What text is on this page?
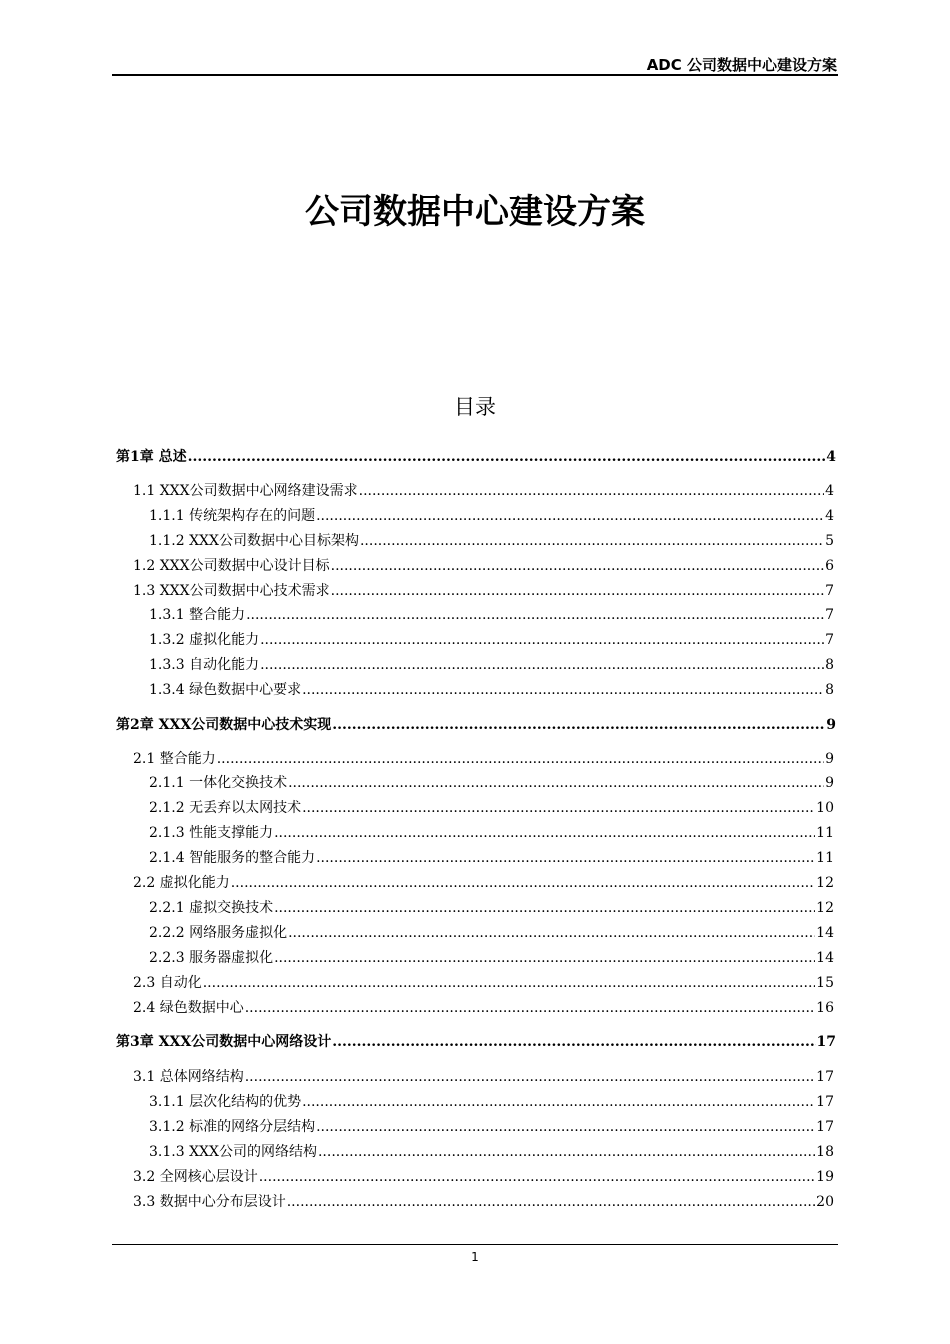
ADC 公司数据中心建设方案
公司数据中心建设方案
目录
第1章 总述 .....	4
1.1 XXX公司数据中心网络建设需求 .....	4
1.1.1 传统架构存在的问题 .....	4
1.1.2 XXX公司数据中心目标架构 .....	5
1.2 XXX公司数据中心设计目标 .....	6
1.3 XXX公司数据中心技术需求 .....	7
1.3.1 整合能力 .....	7
1.3.2 虚拟化能力 .....	7
1.3.3 自动化能力 .....	8
1.3.4 绿色数据中心要求 .....	8
第2章 XXX公司数据中心技术实现 .....	9
2.1 整合能力 .....	9
2.1.1 一体化交换技术 .....	9
2.1.2 无丢弃以太网技术 .....	10
2.1.3 性能支撑能力 .....	11
2.1.4 智能服务的整合能力 .....	11
2.2 虚拟化能力 .....	12
2.2.1 虚拟交换技术 .....	12
2.2.2 网络服务虚拟化 .....	14
2.2.3 服务器虚拟化 .....	14
2.3 自动化 .....	15
2.4 绿色数据中心 .....	16
第3章 XXX公司数据中心网络设计 .....	17
3.1 总体网络结构 .....	17
3.1.1 层次化结构的优势 .....	17
3.1.2 标准的网络分层结构 .....	17
3.1.3 XXX公司的网络结构 .....	18
3.2 全网核心层设计 .....	19
3.3 数据中心分布层设计 .....	20
1
